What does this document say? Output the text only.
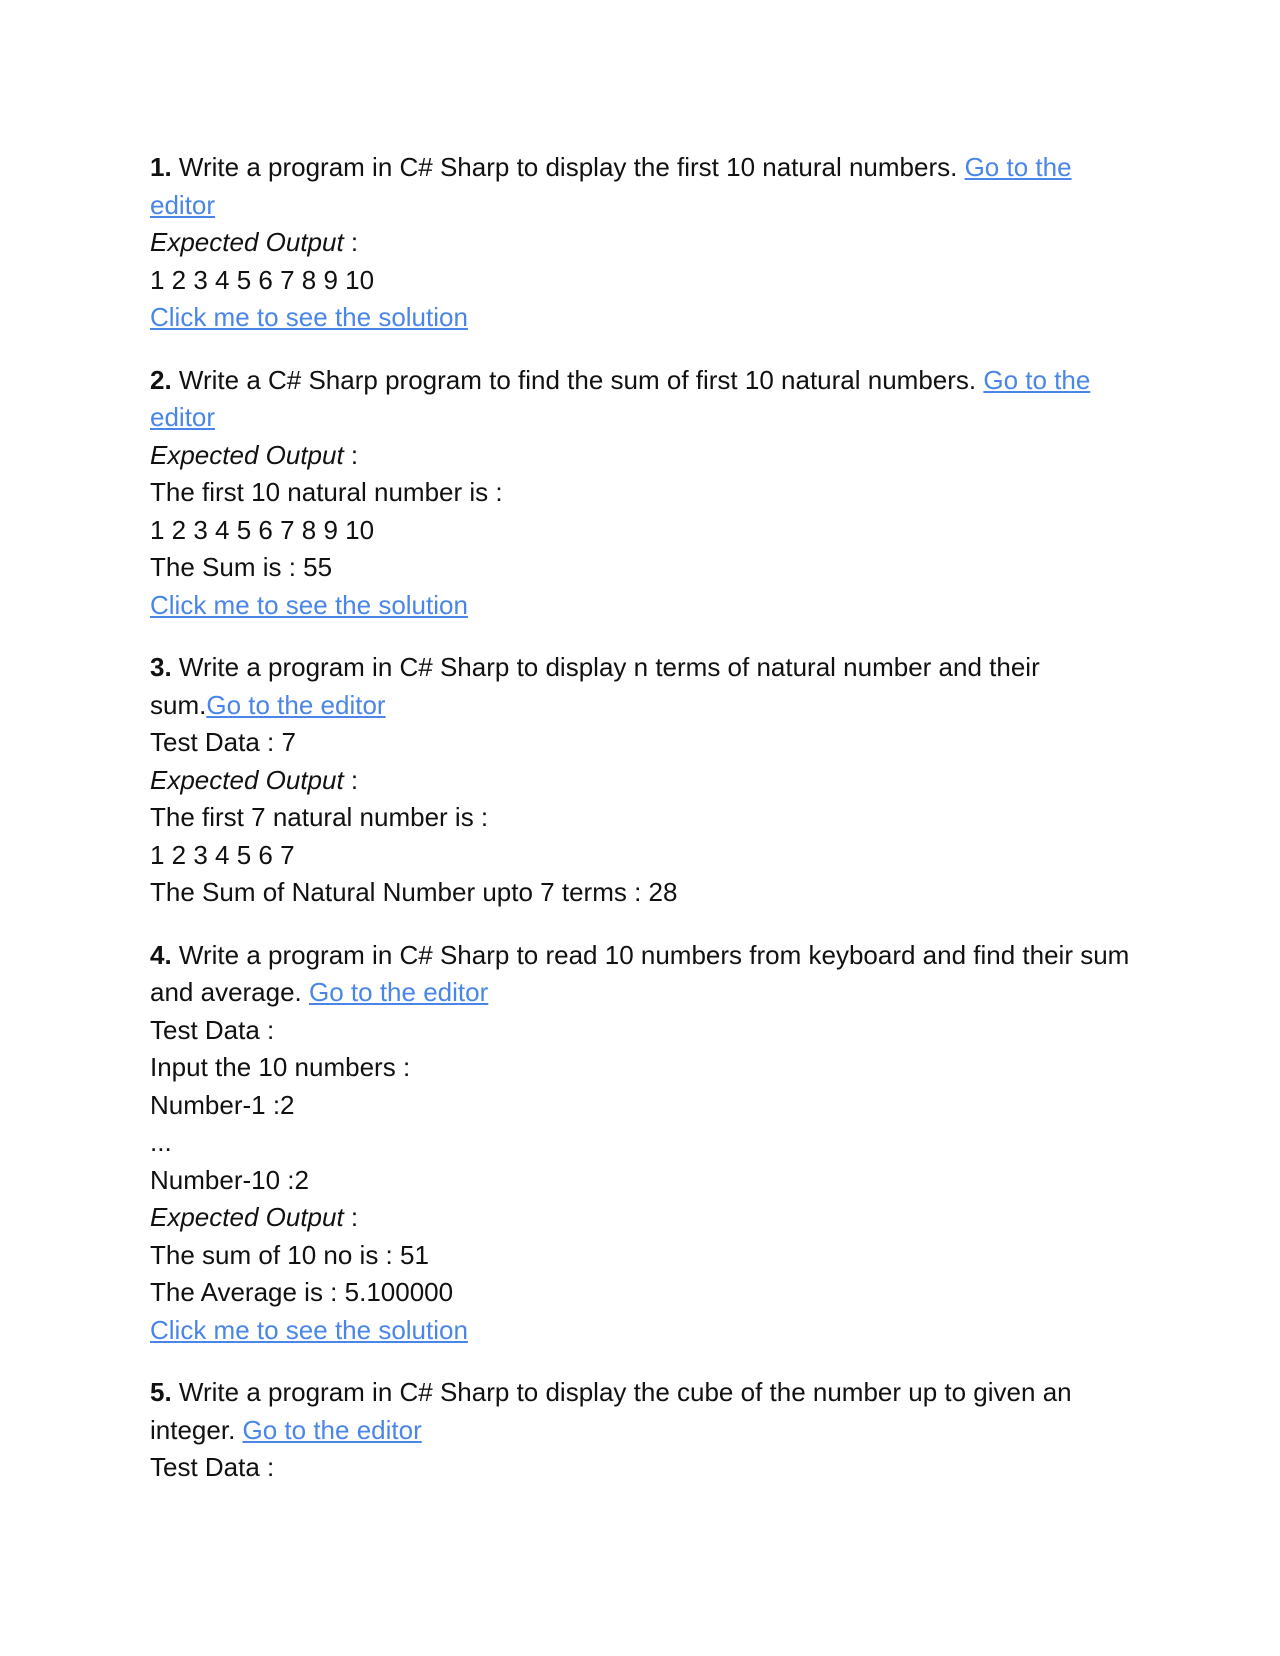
1. Write a program in C# Sharp to display the first 10 natural numbers. Go to the editor

Expected Output :

1 2 3 4 5 6 7 8 9 10

Click me to see the solution

2. Write a C# Sharp program to find the sum of first 10 natural numbers. Go to the editor

Expected Output :

The first 10 natural number is :

1 2 3 4 5 6 7 8 9 10

The Sum is : 55

Click me to see the solution

3. Write a program in C# Sharp to display n terms of natural number and their sum.Go to the editor

Test Data : 7

Expected Output :

The first 7 natural number is :

1 2 3 4 5 6 7

The Sum of Natural Number upto 7 terms : 28

4. Write a program in C# Sharp to read 10 numbers from keyboard and find their sum and average. Go to the editor

Test Data :

Input the 10 numbers :

Number-1 :2

...

Number-10 :2

Expected Output :

The sum of 10 no is : 51

The Average is : 5.100000

Click me to see the solution

5. Write a program in C# Sharp to display the cube of the number up to given an integer. Go to the editor

Test Data :
